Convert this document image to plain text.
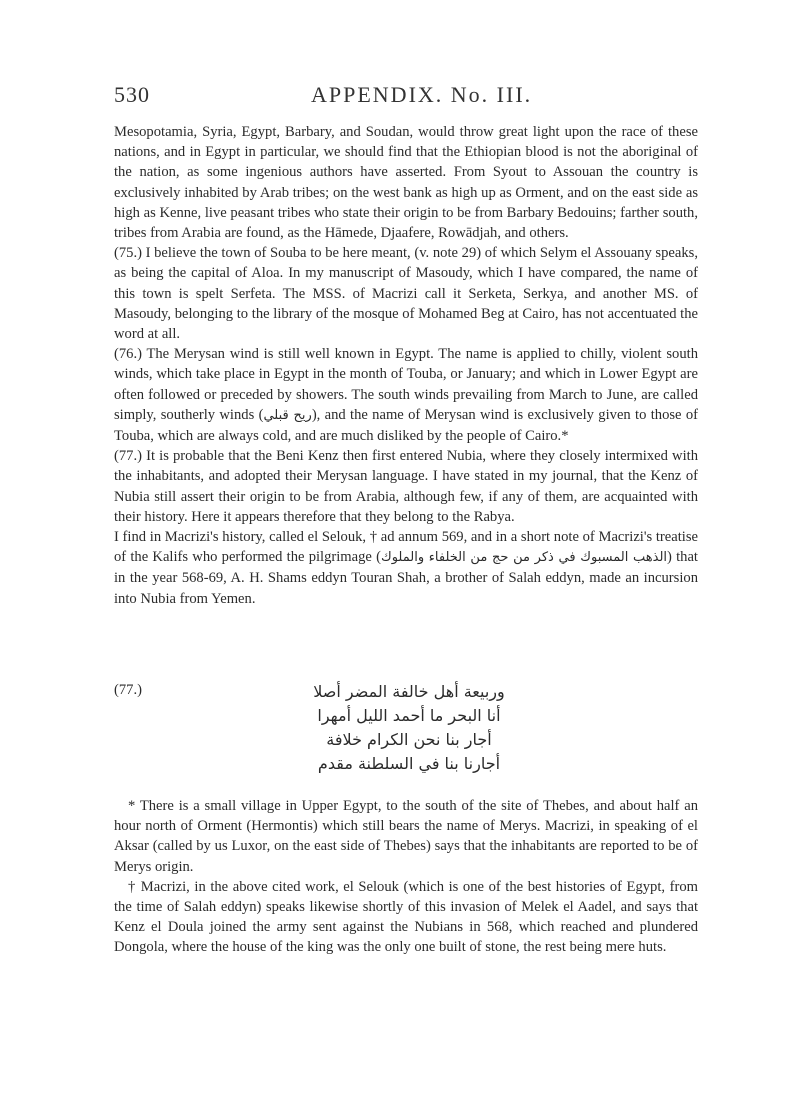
530	APPENDIX. No. III.

Mesopotamia, Syria, Egypt, Barbary, and Soudan, would throw great light upon the race of these nations, and in Egypt in particular, we should find that the Ethiopian blood is not the aboriginal of the nation, as some ingenious authors have asserted. From Syout to Assouan the country is exclusively inhabited by Arab tribes; on the west bank as high up as Orment, and on the east side as high as Kenne, live peasant tribes who state their origin to be from Barbary Bedouins; farther south, tribes from Arabia are found, as the Hāmede, Djaafere, Rowādjah, and others.

(75.) I believe the town of Souba to be here meant, (v. note 29) of which Selym el Assouany speaks, as being the capital of Aloa. In my manuscript of Masoudy, which I have compared, the name of this town is spelt Serfeta. The MSS. of Macrizi call it Serketa, Serkya, and another MS. of Masoudy, belonging to the library of the mosque of Mohamed Beg at Cairo, has not accentuated the word at all.

(76.) The Merysan wind is still well known in Egypt. The name is applied to chilly, violent south winds, which take place in Egypt in the month of Touba, or January; and which in Lower Egypt are often followed or preceded by showers. The south winds prevailing from March to June, are called simply, southerly winds (ريح قبلي), and the name of Merysan wind is exclusively given to those of Touba, which are always cold, and are much disliked by the people of Cairo.*

(77.) It is probable that the Beni Kenz then first entered Nubia, where they closely intermixed with the inhabitants, and adopted their Merysan language. I have stated in my journal, that the Kenz of Nubia still assert their origin to be from Arabia, although few, if any of them, are acquainted with their history. Here it appears therefore that they belong to the Rabya.

I find in Macrizi's history, called el Selouk, † ad annum 569, and in a short note of Macrizi's treatise of the Kalifs who performed the pilgrimage (الذهب المسبوك في ذكر من حج من الخلفاء والملوك) that in the year 568-69, A. H. Shams eddyn Touran Shah, a brother of Salah eddyn, made an incursion into Nubia from Yemen.

(77.)	وربيعة أهل خالفة المضر أصلا
أنا البحر ما أحمد الليل أمهرا
أجار بنا نحن الكرام خلافة
أجارنا بنا في السلطنة مقدم

* There is a small village in Upper Egypt, to the south of the site of Thebes, and about half an hour north of Orment (Hermontis) which still bears the name of Merys. Macrizi, in speaking of el Aksar (called by us Luxor, on the east side of Thebes) says that the inhabitants are reported to be of Merys origin.

† Macrizi, in the above cited work, el Selouk (which is one of the best histories of Egypt, from the time of Salah eddyn) speaks likewise shortly of this invasion of Melek el Aadel, and says that Kenz el Doula joined the army sent against the Nubians in 568, which reached and plundered Dongola, where the house of the king was the only one built of stone, the rest being mere huts.
